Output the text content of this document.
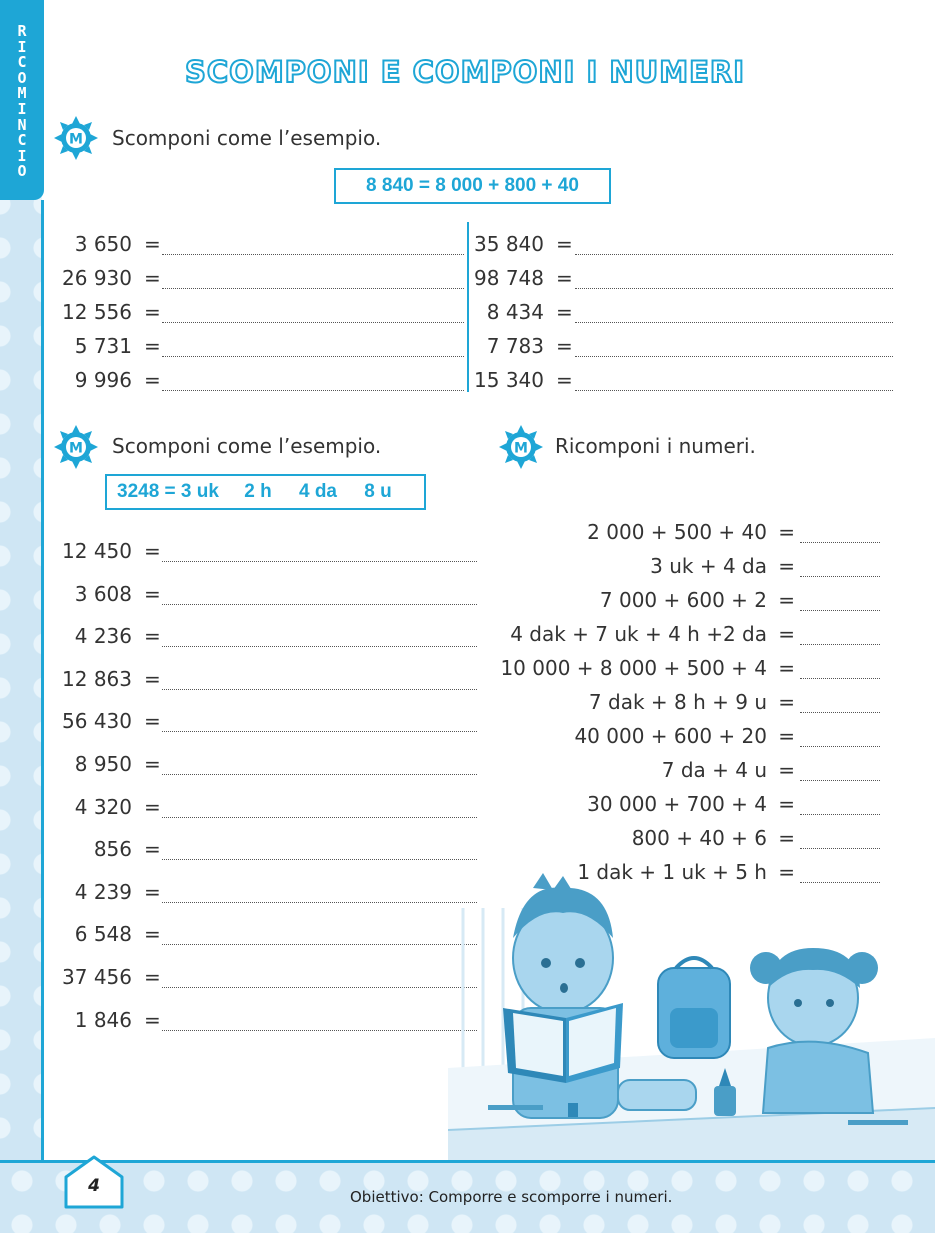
RICOMINCIO
SCOMPONI E COMPONI I NUMERI
M Scomponi come l’esempio.
8 840 = 8 000 + 800 + 40
3 650 =
26 930 =
12 556 =
5 731 =
9 996 =
35 840 =
98 748 =
8 434 =
7 783 =
15 340 =
M Scomponi come l’esempio.
3248 = 3 uk 2 h 4 da 8 u
12 450 =
3 608 =
4 236 =
12 863 =
56 430 =
8 950 =
4 320 =
856 =
4 239 =
6 548 =
37 456 =
1 846 =
M Ricomponi i numeri.
2 000 + 500 + 40 =
3 uk + 4 da =
7 000 + 600 + 2 =
4 dak + 7 uk + 4 h +2 da =
10 000 + 8 000 + 500 + 4 =
7 dak + 8 h + 9 u =
40 000 + 600 + 20 =
7 da + 4 u =
30 000 + 700 + 4 =
800 + 40 + 6 =
1 dak + 1 uk + 5 h =
4
Obiettivo: Comporre e scomporre i numeri.
